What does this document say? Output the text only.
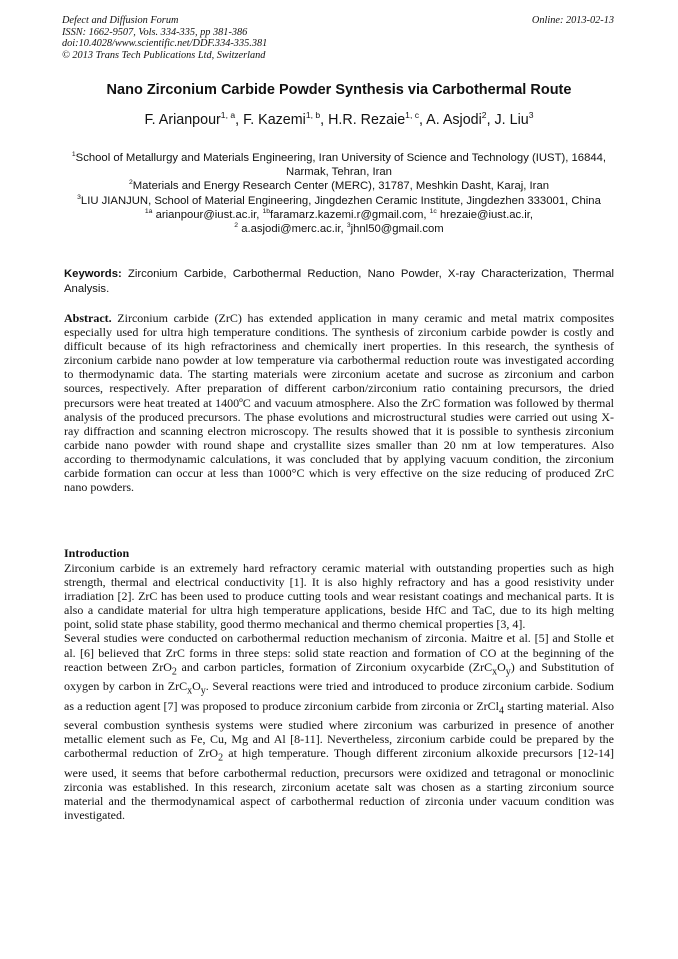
Defect and Diffusion Forum
ISSN: 1662-9507, Vols. 334-335, pp 381-386
doi:10.4028/www.scientific.net/DDF.334-335.381
© 2013 Trans Tech Publications Ltd, Switzerland
Online: 2013-02-13
Nano Zirconium Carbide Powder Synthesis via Carbothermal Route
F. Arianpour$^{1, a}$, F. Kazemi$^{1, b}$, H.R. Rezaie$^{1, c}$, A. Asjodi$^2$, J. Liu$^3$
$^1$School of Metallurgy and Materials Engineering, Iran University of Science and Technology (IUST), 16844, Narmak, Tehran, Iran
$^2$Materials and Energy Research Center (MERC), 31787, Meshkin Dasht, Karaj, Iran
$^3$LIU JIANJUN, School of Material Engineering, Jingdezhen Ceramic Institute, Jingdezhen 333001, China
$^{1a}$ arianpour@iust.ac.ir, $^{1b}$faramarz.kazemi.r@gmail.com, $^{1c}$ hrezaie@iust.ac.ir,
$^2$ a.asjodi@merc.ac.ir, $^3$jhnl50@gmail.com
Keywords: Zirconium Carbide, Carbothermal Reduction, Nano Powder, X-ray Characterization, Thermal Analysis.
Abstract. Zirconium carbide (ZrC) has extended application in many ceramic and metal matrix composites especially used for ultra high temperature conditions. The synthesis of zirconium carbide powder is costly and difficult because of its high refractoriness and chemically inert properties. In this research, the synthesis of zirconium carbide nano powder at low temperature via carbothermal reduction route was investigated according to thermodynamic data. The starting materials were zirconium acetate and sucrose as zirconium and carbon sources, respectively. After preparation of different carbon/zirconium ratio containing precursors, the dried precursors were heat treated at 1400ºC and vacuum atmosphere. Also the ZrC formation was followed by thermal analysis of the produced precursors. The phase evolutions and microstructural studies were carried out using X-ray diffraction and scanning electron microscopy. The results showed that it is possible to synthesis zirconium carbide nano powder with round shape and crystallite sizes smaller than 20 nm at low temperatures. Also according to thermodynamic calculations, it was concluded that by applying vacuum condition, the zirconium carbide formation can occur at less than 1000°C which is very effective on the size reducing of produced ZrC nano powders.
Introduction

Zirconium carbide is an extremely hard refractory ceramic material with outstanding properties such as high strength, thermal and electrical conductivity [1]. It is also highly refractory and has a good resistivity under irradiation [2]. ZrC has been used to produce cutting tools and wear resistant coatings and mechanical parts. It is also a candidate material for ultra high temperature applications, beside HfC and TaC, due to its high melting point, solid state phase stability, good thermo mechanical and thermo chemical properties [3, 4].

Several studies were conducted on carbothermal reduction mechanism of zirconia. Maitre et al. [5] and Stolle et al. [6] believed that ZrC forms in three steps: solid state reaction and formation of CO at the beginning of the reaction between ZrO$_2$ and carbon particles, formation of Zirconium oxycarbide $(ZrC_xO_y)$ and Substitution of oxygen by carbon in $ZrC_xO_y$. Several reactions were tried and introduced to produce zirconium carbide. Sodium as a reduction agent [7] was proposed to produce zirconium carbide from zirconia or ZrCl$_4$ starting material. Also several combustion synthesis systems were studied where zirconium was carburized in presence of another metallic element such as Fe, Cu, Mg and Al [8-11]. Nevertheless, zirconium carbide could be prepared by the carbothermal reduction of ZrO$_2$ at high temperature. Though different zirconium alkoxide precursors [12-14] were used, it seems that before carbothermal reduction, precursors were oxidized and tetragonal or monoclinic zirconia was established. In this research, zirconium acetate salt was chosen as a starting zirconium source material and the thermodynamical aspect of carbothermal reduction of zirconia under vacuum condition was investigated.
